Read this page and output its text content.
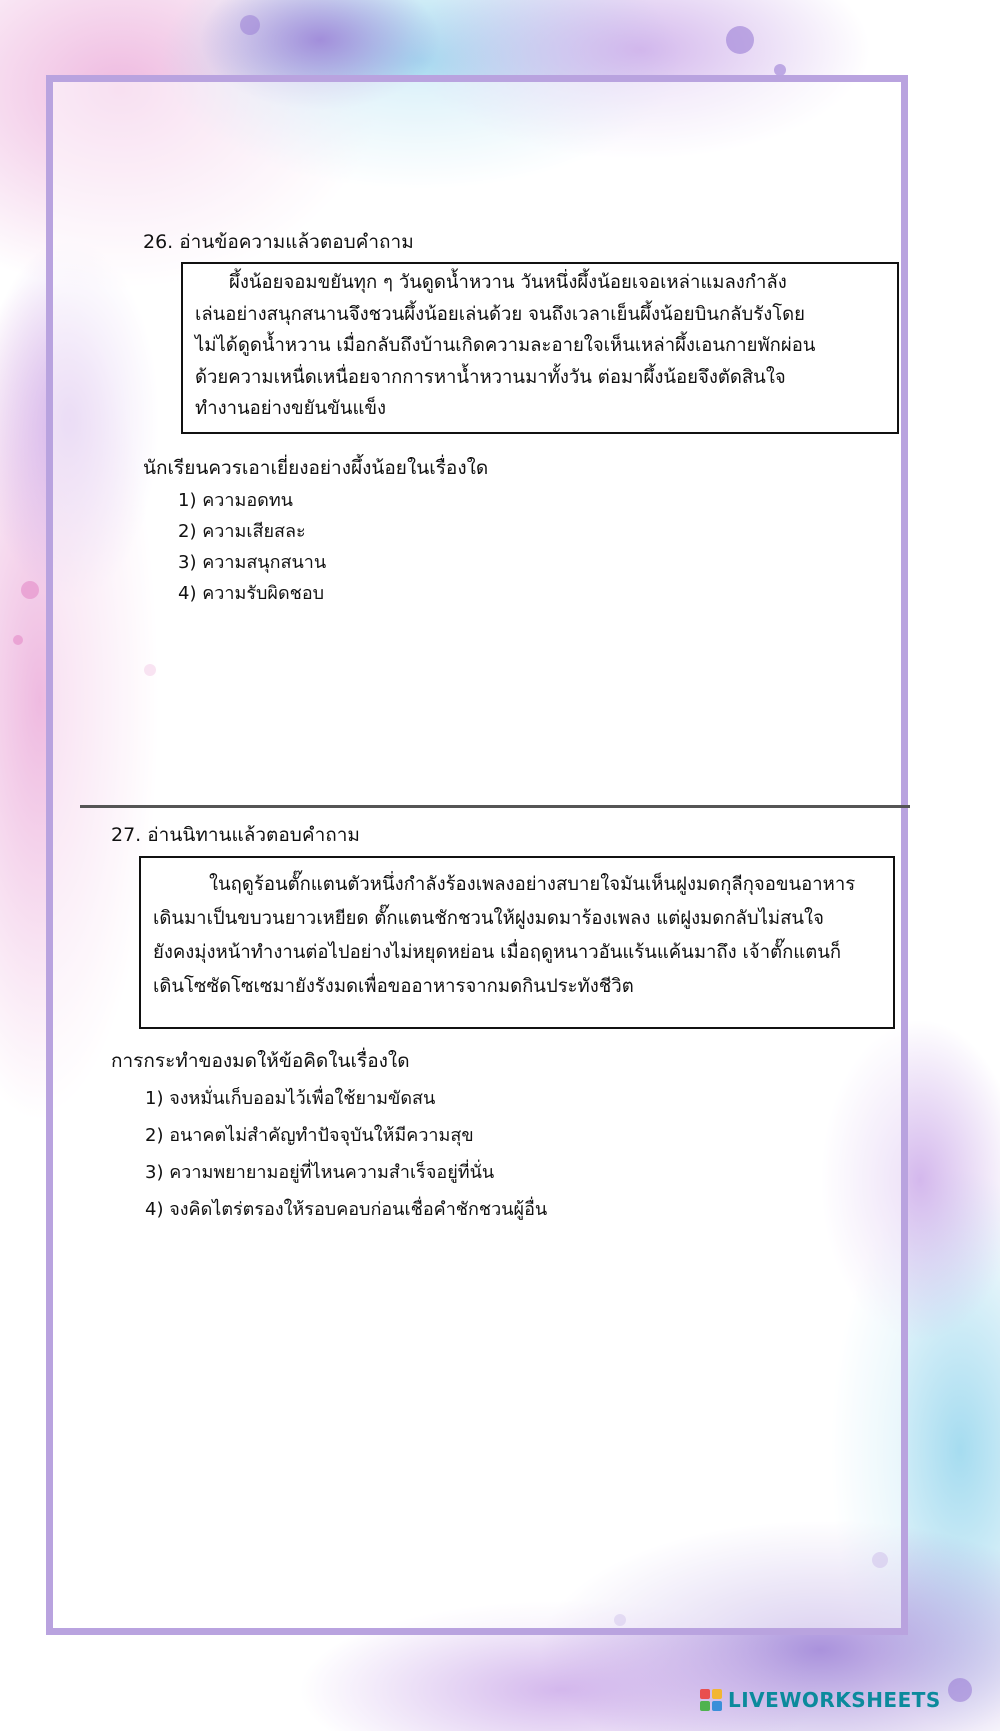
26. อ่านข้อความแล้วตอบคำถาม
ผึ้งน้อยจอมขยันทุก ๆ วันดูดน้ำหวาน วันหนึ่งผึ้งน้อยเจอเหล่าแมลงกำลัง
เล่นอย่างสนุกสนานจึงชวนผึ้งน้อยเล่นด้วย จนถึงเวลาเย็นผึ้งน้อยบินกลับรังโดย
ไม่ได้ดูดน้ำหวาน เมื่อกลับถึงบ้านเกิดความละอายใจเห็นเหล่าผึ้งเอนกายพักผ่อน
ด้วยความเหนื่ดเหนื่อยจากการหาน้ำหวานมาทั้งวัน ต่อมาผึ้งน้อยจึงตัดสินใจ
ทำงานอย่างขยันขันแข็ง
นักเรียนควรเอาเยี่ยงอย่างผึ้งน้อยในเรื่องใด
1) ความอดทน
2) ความเสียสละ
3) ความสนุกสนาน
4) ความรับผิดชอบ
27. อ่านนิทานแล้วตอบคำถาม
ในฤดูร้อนตั๊กแตนตัวหนึ่งกำลังร้องเพลงอย่างสบายใจมันเห็นฝูงมดกุลีกุจอขนอาหาร
เดินมาเป็นขบวนยาวเหยียด ตั๊กแตนชักชวนให้ฝูงมดมาร้องเพลง แต่ฝูงมดกลับไม่สนใจ
ยังคงมุ่งหน้าทำงานต่อไปอย่างไม่หยุดหย่อน เมื่อฤดูหนาวอันแร้นแค้นมาถึง เจ้าตั๊กแตนก็
เดินโซซัดโซเซมายังรังมดเพื่อขออาหารจากมดกินประทังชีวิต
การกระทำของมดให้ข้อคิดในเรื่องใด
1) จงหมั่นเก็บออมไว้เพื่อใช้ยามขัดสน
2) อนาคตไม่สำคัญทำปัจจุบันให้มีความสุข
3) ความพยายามอยู่ที่ไหนความสำเร็จอยู่ที่นั่น
4) จงคิดไตร่ตรองให้รอบคอบก่อนเชื่อคำชักชวนผู้อื่น
LIVEWORKSHEETS
